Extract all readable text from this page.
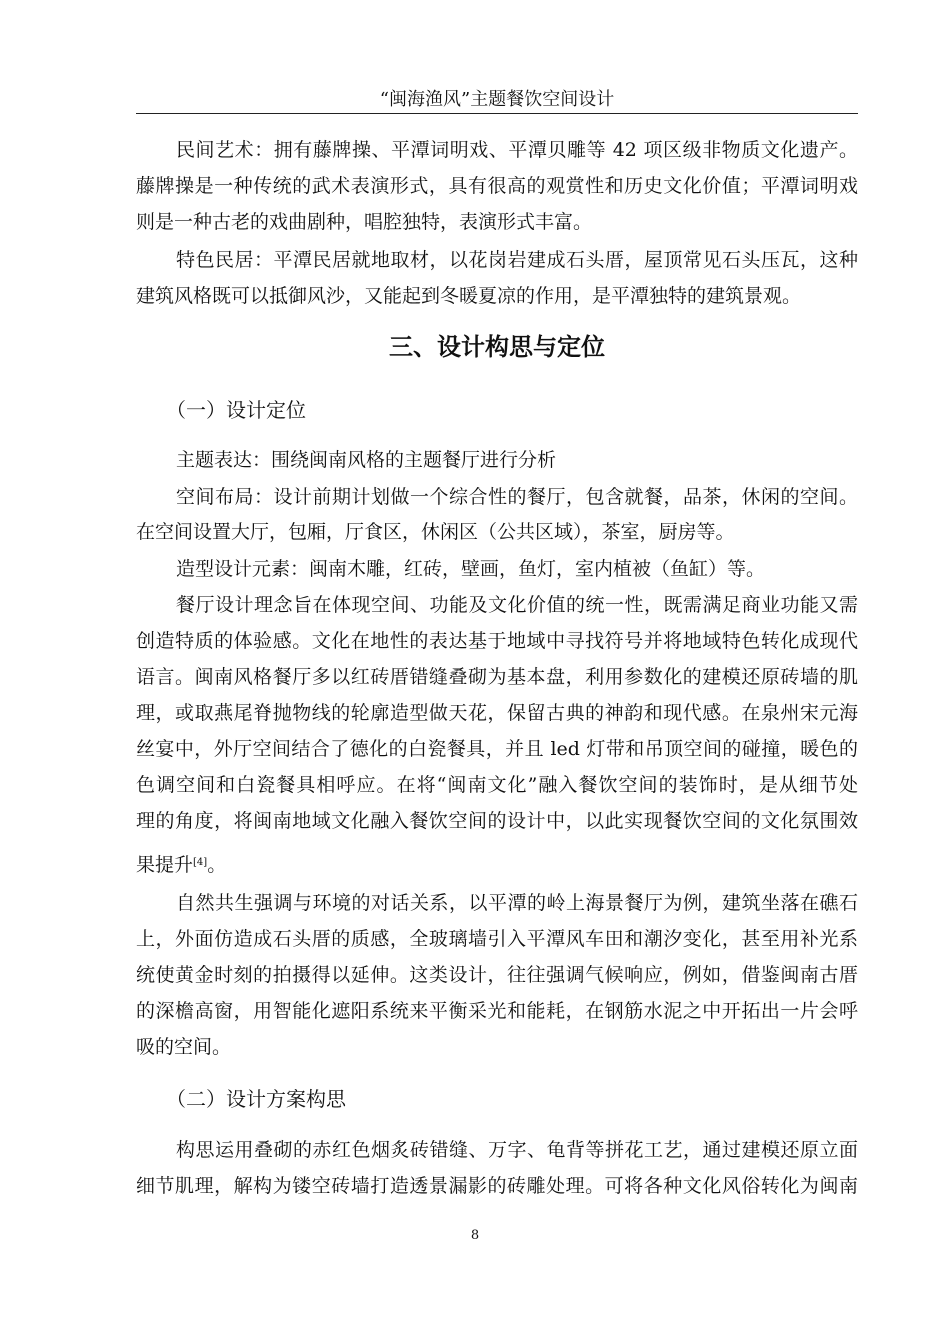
“闽海渔风”主题餐饮空间设计
民间艺术：拥有藤牌操、平潭词明戏、平潭贝雕等 42 项区级非物质文化遗产。
藤牌操是一种传统的武术表演形式，具有很高的观赏性和历史文化价值；平潭词明戏
则是一种古老的戏曲剧种，唱腔独特，表演形式丰富。
特色民居：平潭民居就地取材，以花岗岩建成石头厝，屋顶常见石头压瓦，这种
建筑风格既可以抵御风沙，又能起到冬暖夏凉的作用，是平潭独特的建筑景观。
三、设计构思与定位
（一）设计定位
主题表达：围绕闽南风格的主题餐厅进行分析
空间布局：设计前期计划做一个综合性的餐厅，包含就餐，品茶，休闲的空间。
在空间设置大厅，包厢，厅食区，休闲区（公共区域），茶室，厨房等。
造型设计元素：闽南木雕，红砖，壁画，鱼灯，室内植被（鱼缸）等。
餐厅设计理念旨在体现空间、功能及文化价值的统一性，既需满足商业功能又需
创造特质的体验感。文化在地性的表达基于地域中寻找符号并将地域特色转化成现代
语言。闽南风格餐厅多以红砖厝错缝叠砌为基本盘，利用参数化的建模还原砖墙的肌
理，或取燕尾脊抛物线的轮廓造型做天花，保留古典的神韵和现代感。在泉州宋元海
丝宴中，外厅空间结合了德化的白瓷餐具，并且 led 灯带和吊顶空间的碰撞，暖色的
色调空间和白瓷餐具相呼应。在将“闽南文化”融入餐饮空间的装饰时，是从细节处
理的角度，将闽南地域文化融入餐饮空间的设计中，以此实现餐饮空间的文化氛围效
果提升[4]。
自然共生强调与环境的对话关系，以平潭的岭上海景餐厅为例，建筑坐落在礁石
上，外面仿造成石头厝的质感，全玻璃墙引入平潭风车田和潮汐变化，甚至用补光系
统使黄金时刻的拍摄得以延伸。这类设计，往往强调气候响应，例如，借鉴闽南古厝
的深檐高窗，用智能化遮阳系统来平衡采光和能耗，在钢筋水泥之中开拓出一片会呼
吸的空间。
（二）设计方案构思
构思运用叠砌的赤红色烟炙砖错缝、万字、龟背等拼花工艺，通过建模还原立面
细节肌理，解构为镂空砖墙打造透景漏影的砖雕处理。可将各种文化风俗转化为闽南
8
